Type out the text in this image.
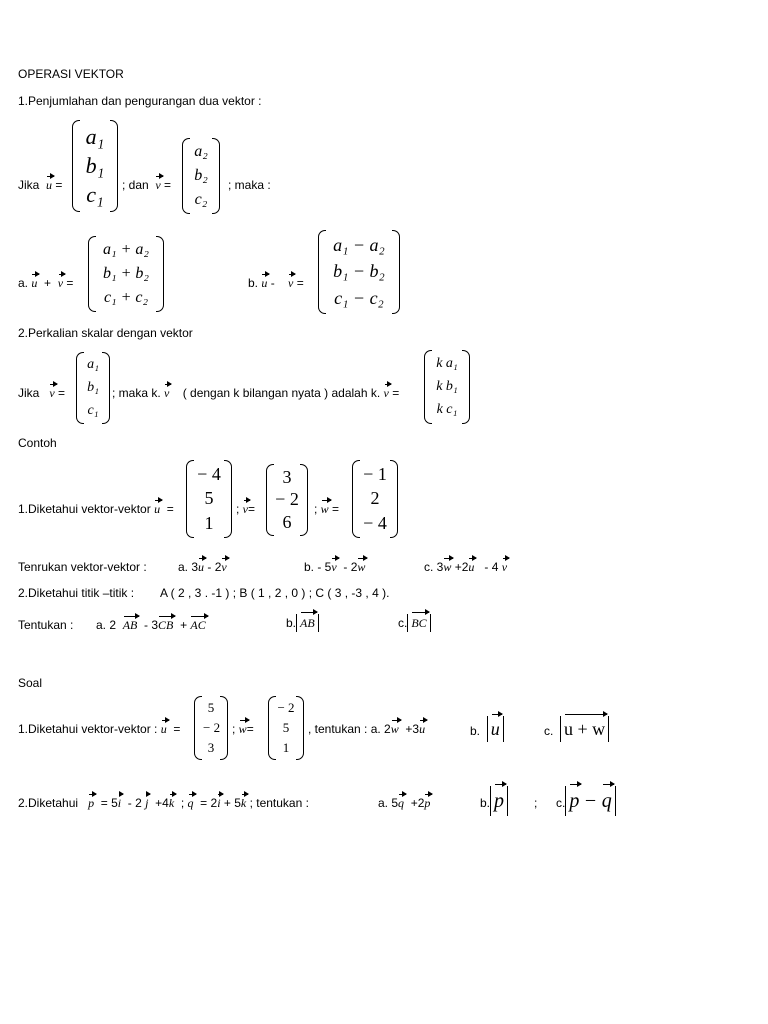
OPERASI VEKTOR
1.Penjumlahan dan pengurangan dua vektor :
Jika u =
a₁
b₁
c₁	; dan v =
a₂
b₂
c₂
; maka :
a. u + v =
a₁ + a₂
b₁ + b₂
c₁ + c₂
b. u - v =
a₁ − a₂
b₁ − b₂
c₁ − c₂
2.Perkalian skalar dengan vektor
Jika v =
a₁
b₁
c₁
; maka k. v ( dengan k bilangan nyata ) adalah k. v =
k a₁
k b₁
k c₁
Contoh
1.Diketahui vektor-vektor u =
− 4
5
1
; v=
3
− 2
6
; w =
− 1
2
− 4
Tenrukan vektor-vektor :	a. 3u - 2v	b. - 5v - 2w	c. 3w +2u - 4 v
2.Diketahui titik –titik : A ( 2 , 3 . -1 ) ; B ( 1 , 2 , 0 ) ; C ( 3 , -3 , 4 ).
Tentukan : a. 2 AB - 3CB + AC	b. AB	c. BC
Soal
1.Diketahui vektor-vektor : u =
5
− 2
3
; w=
− 2
5
1
, tentukan : a. 2w +3u	b. u	c. u + w
2.Diketahui p = 5i - 2 j +4k  ; q = 2i + 5k ; tentukan :	a. 5q +2p	b. p	; c. p − q
